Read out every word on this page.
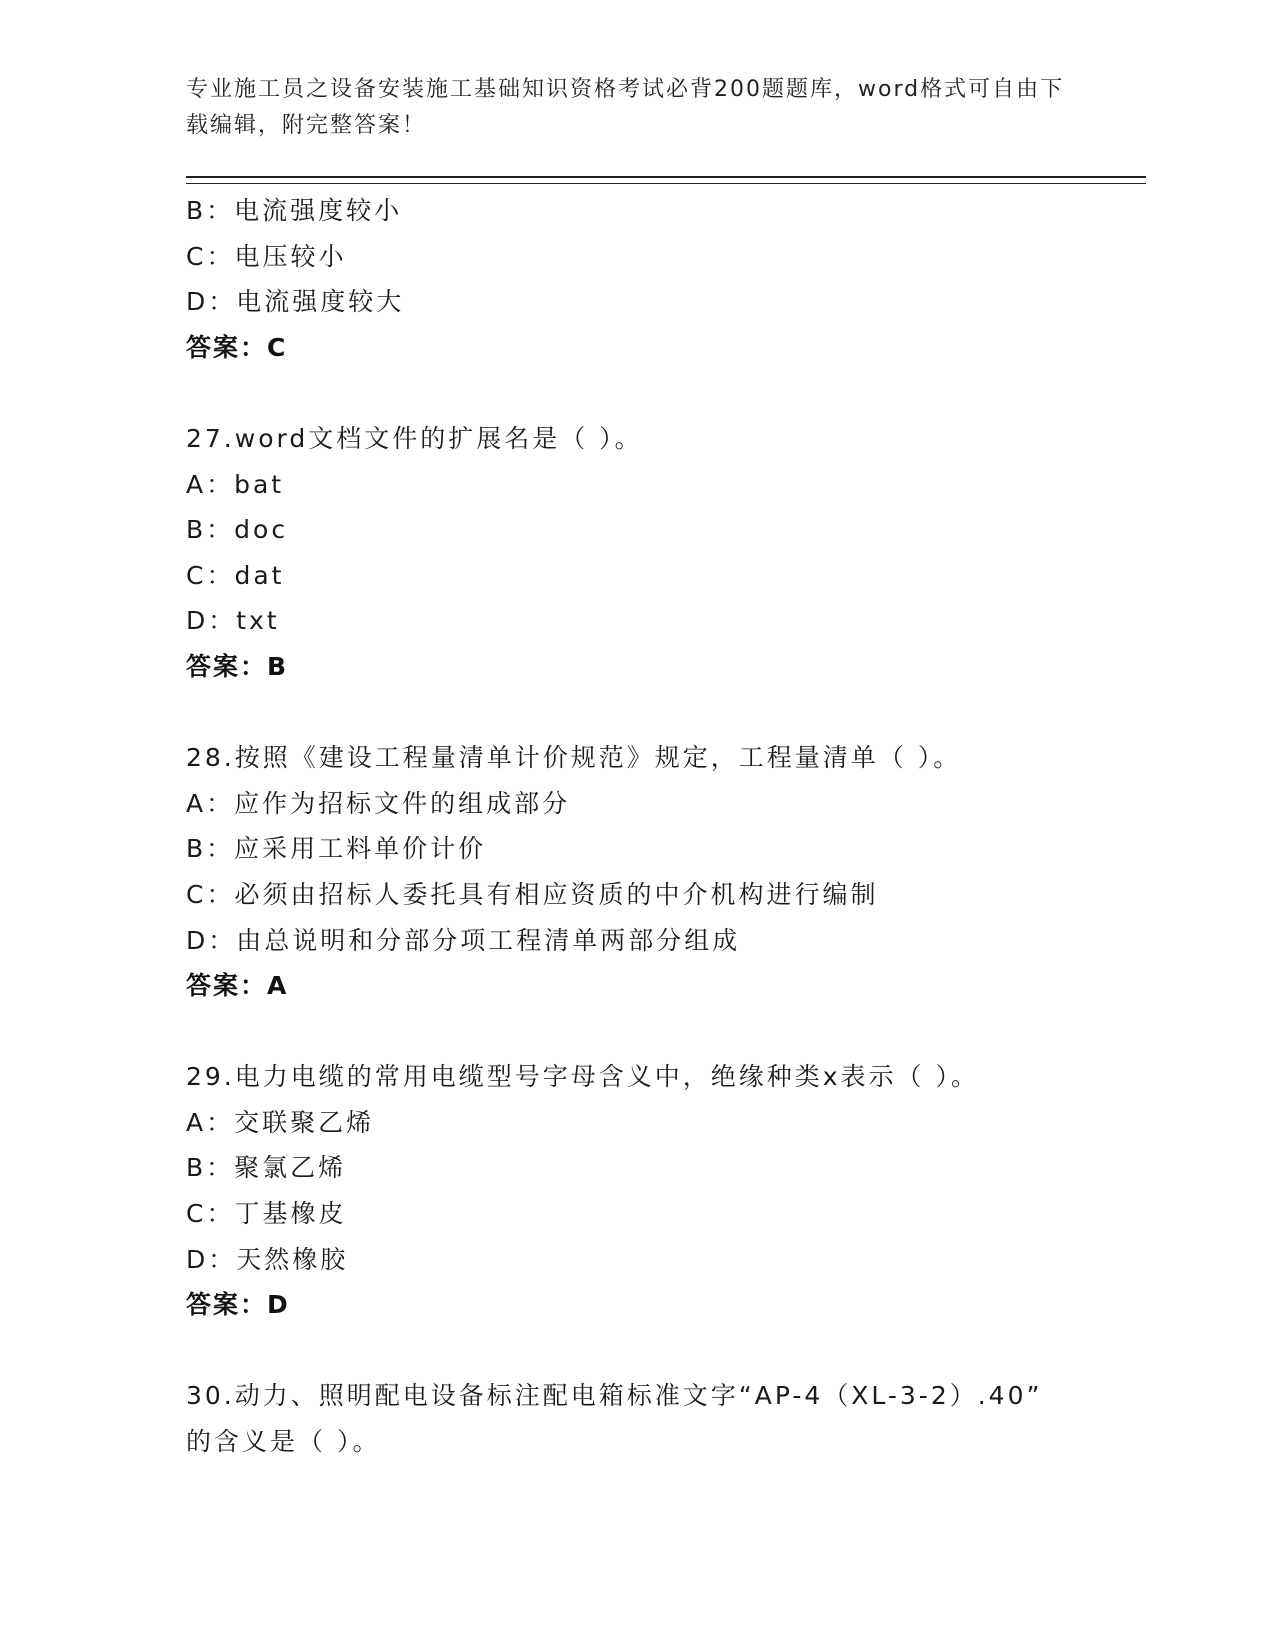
专业施工员之设备安装施工基础知识资格考试必背200题题库，word格式可自由下载编辑，附完整答案！
B：电流强度较小
C：电压较小
D：电流强度较大
答案：C
27.word文档文件的扩展名是（ ）。
A：bat
B：doc
C：dat
D：txt
答案：B
28.按照《建设工程量清单计价规范》规定，工程量清单（ ）。
A：应作为招标文件的组成部分
B：应采用工料单价计价
C：必须由招标人委托具有相应资质的中介机构进行编制
D：由总说明和分部分项工程清单两部分组成
答案：A
29.电力电缆的常用电缆型号字母含义中，绝缘种类x表示（ ）。
A：交联聚乙烯
B：聚氯乙烯
C：丁基橡皮
D：天然橡胶
答案：D
30.动力、照明配电设备标注配电箱标准文字“AP-4（XL-3-2）.40”
的含义是（ ）。
